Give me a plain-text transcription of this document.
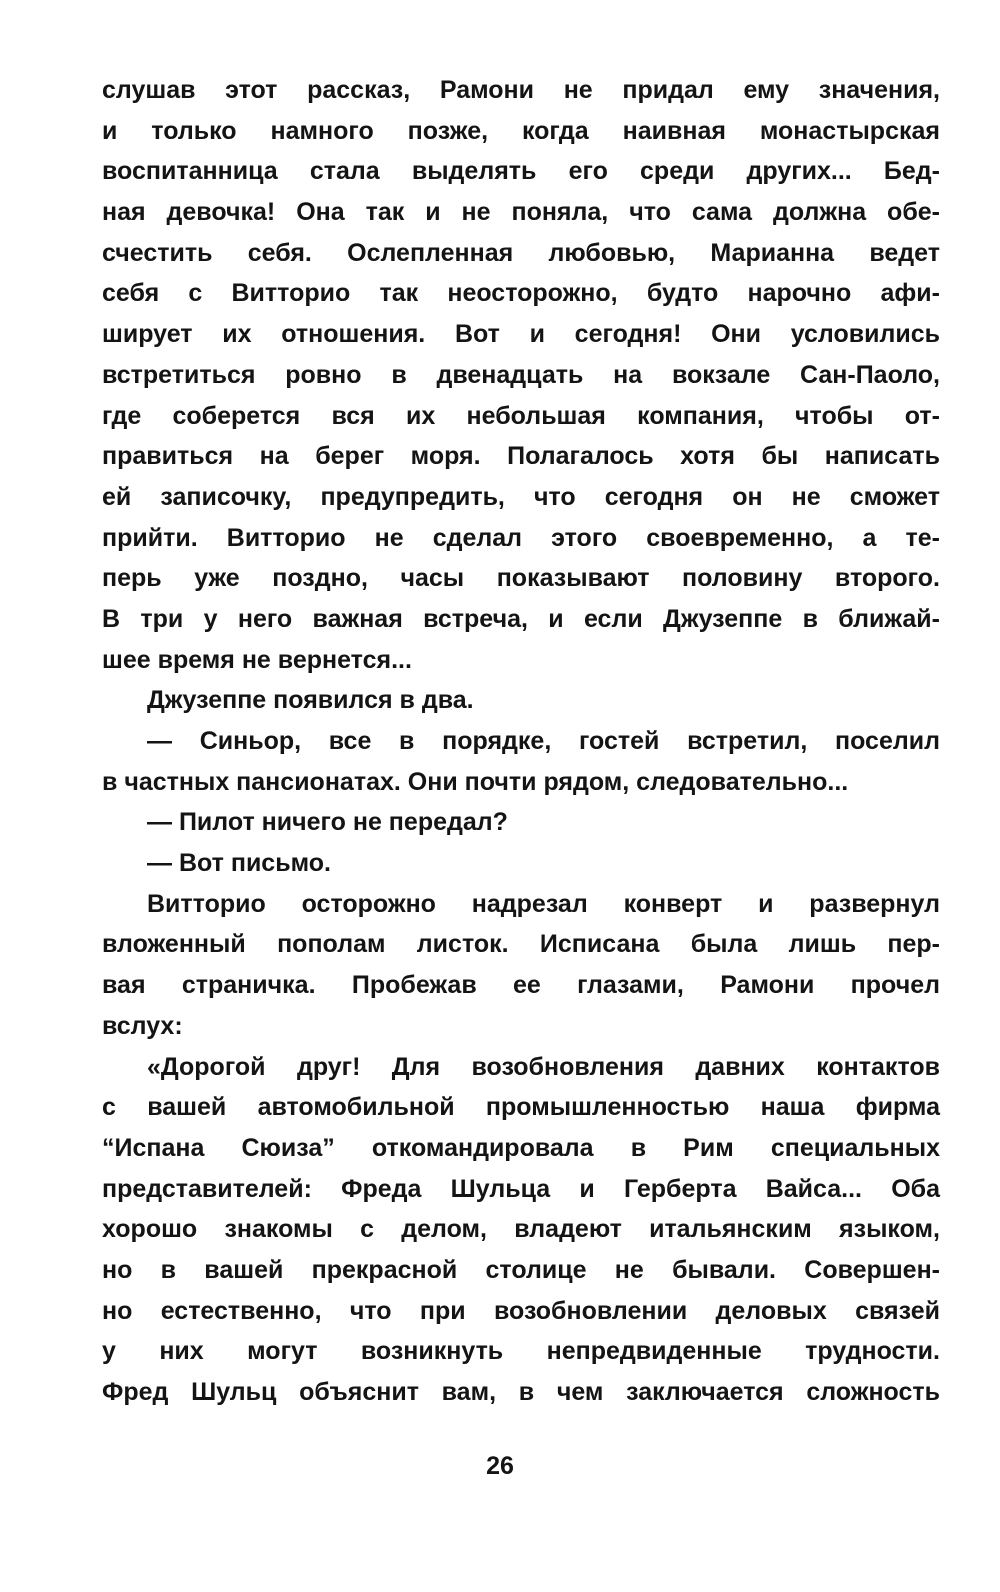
слушав этот рассказ, Рамони не придал ему значения,
и только намного позже, когда наивная монастырская
воспитанница стала выделять его среди других... Бед-
ная девочка! Она так и не поняла, что сама должна обе-
счестить себя. Ослепленная любовью, Марианна ведет
себя с Витторио так неосторожно, будто нарочно афи-
ширует их отношения. Вот и сегодня! Они условились
встретиться ровно в двенадцать на вокзале Сан-Паоло,
где соберется вся их небольшая компания, чтобы от-
правиться на берег моря. Полагалось хотя бы написать
ей записочку, предупредить, что сегодня он не сможет
прийти. Витторио не сделал этого своевременно, а те-
перь уже поздно, часы показывают половину второго.
В три у него важная встреча, и если Джузеппе в ближай-
шее время не вернется...
Джузеппе появился в два.
— Синьор, все в порядке, гостей встретил, поселил
в частных пансионатах. Они почти рядом, следовательно...
— Пилот ничего не передал?
— Вот письмо.
Витторио осторожно надрезал конверт и развернул
вложенный пополам листок. Исписана была лишь пер-
вая страничка. Пробежав ее глазами, Рамони прочел
вслух:
«Дорогой друг! Для возобновления давних контактов
с вашей автомобильной промышленностью наша фирма
“Испана Сюиза” откомандировала в Рим специальных
представителей: Фреда Шульца и Герберта Вайса... Оба
хорошо знакомы с делом, владеют итальянским языком,
но в вашей прекрасной столице не бывали. Совершен-
но естественно, что при возобновлении деловых связей
у них могут возникнуть непредвиденные трудности.
Фред Шульц объяснит вам, в чем заключается сложность
26
